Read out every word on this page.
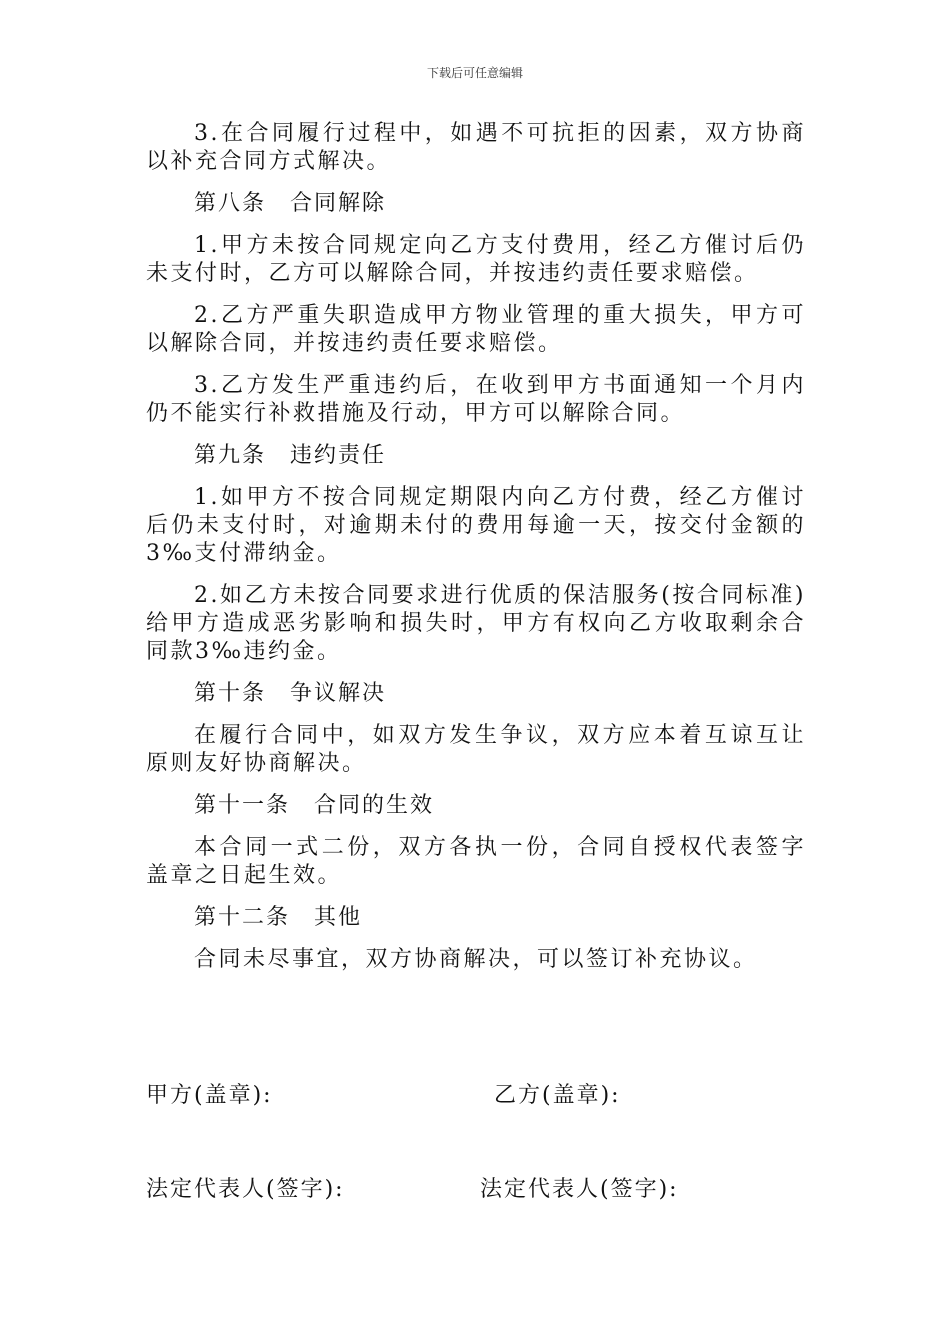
下载后可任意编辑

3.在合同履行过程中，如遇不可抗拒的因素，双方协商以补充合同方式解决。

第八条　合同解除

1.甲方未按合同规定向乙方支付费用，经乙方催讨后仍未支付时，乙方可以解除合同，并按违约责任要求赔偿。

2.乙方严重失职造成甲方物业管理的重大损失，甲方可以解除合同，并按违约责任要求赔偿。

3.乙方发生严重违约后，在收到甲方书面通知一个月内仍不能实行补救措施及行动，甲方可以解除合同。

第九条　违约责任

1.如甲方不按合同规定期限内向乙方付费，经乙方催讨后仍未支付时，对逾期未付的费用每逾一天，按交付金额的3‰支付滞纳金。

2.如乙方未按合同要求进行优质的保洁服务(按合同标准)给甲方造成恶劣影响和损失时，甲方有权向乙方收取剩余合同款3‰违约金。

第十条　争议解决

在履行合同中，如双方发生争议，双方应本着互谅互让原则友好协商解决。

第十一条　合同的生效

本合同一式二份，双方各执一份，合同自授权代表签字盖章之日起生效。

第十二条　其他

合同未尽事宜，双方协商解决，可以签订补充协议。

甲方(盖章):	乙方(盖章):
法定代表人(签字):	法定代表人(签字):
